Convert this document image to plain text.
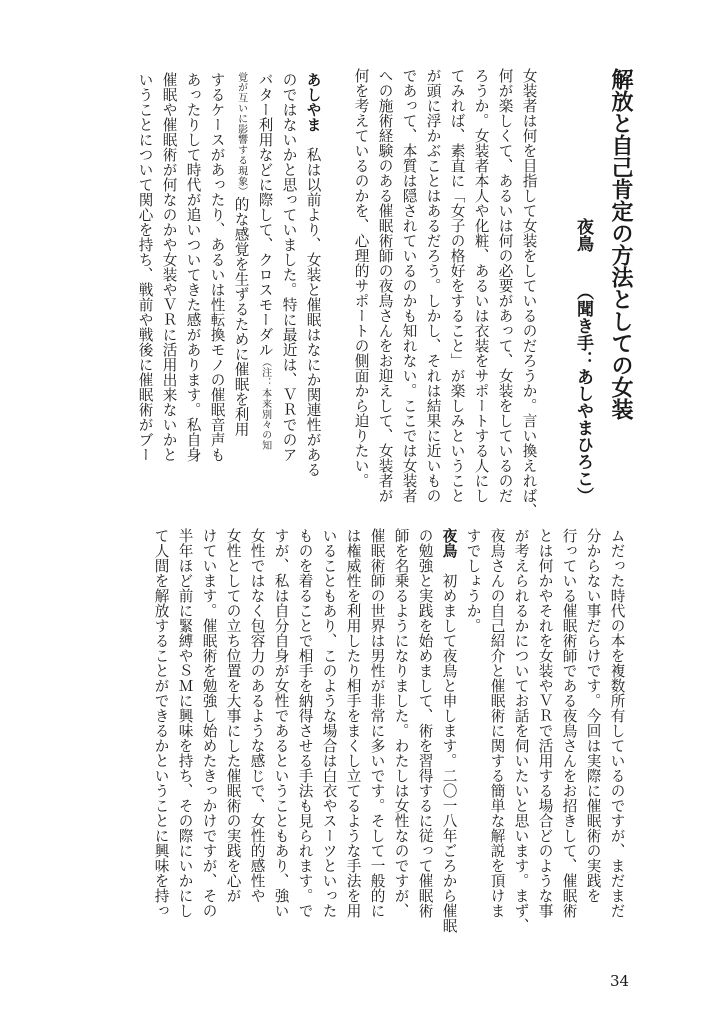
解放と自己肯定の方法としての女装
夜鳥
（聞き手：あしやまひろこ）
女装者は何を目指して女装をしているのだろうか。言い換えれば、
何が楽しくて、あるいは何の必要があって、女装をしているのだ
ろうか。女装者本人や化粧、あるいは衣装をサポートする人にし
てみれば、素直に「女子の格好をすること」が楽しみということ
が頭に浮かぶことはあるだろう。しかし、それは結果に近いもの
であって、本質は隠されているのかも知れない。ここでは女装者
への施術経験のある催眠術師の夜鳥さんをお迎えして、女装者が
何を考えているのかを、心理的サポートの側面から迫りたい。
あしやま　私は以前より、女装と催眠はなにか関連性がある
のではないかと思っていました。特に最近は、ＶＲでのア
バター利用などに際して、クロスモーダル（注：本来別々の知
覚が互いに影響する現象）的な感覚を生ずるために催眠を利用
するケースがあったり、あるいは性転換モノの催眠音声も
あったりして時代が追いついてきた感があります。私自身
催眠や催眠術が何なのかや女装やＶＲに活用出来ないかと
いうことについて関心を持ち、戦前や戦後に催眠術がブー
ムだった時代の本を複数所有しているのですが、まだまだ
分からない事だらけです。今回は実際に催眠術の実践を
行っている催眠術師である夜鳥さんをお招きして、催眠術
とは何かやそれを女装やＶＲで活用する場合どのような事
が考えられるかについてお話を伺いたいと思います。まず、
夜鳥さんの自己紹介と催眠術に関する簡単な解説を頂けま
すでしょうか。
夜鳥　初めまして夜鳥と申します。二〇一八年ごろから催眠
の勉強と実践を始めまして、術を習得するに従って催眠術
師を名乗るようになりました。わたしは女性なのですが、
催眠術師の世界は男性が非常に多いです。そして一般的に
は権威性を利用したり相手をまくし立てるような手法を用
いることもあり、このような場合は白衣やスーツといった
ものを着ることで相手を納得させる手法も見られます。で
すが、私は自分自身が女性であるということもあり、強い
女性ではなく包容力のあるような感じで、女性的感性や
女性としての立ち位置を大事にした催眠術の実践を心が
けています。催眠術を勉強し始めたきっかけですが、その
半年ほど前に緊縛やＳＭに興味を持ち、その際にいかにし
て人間を解放することができるかということに興味を持っ
34
